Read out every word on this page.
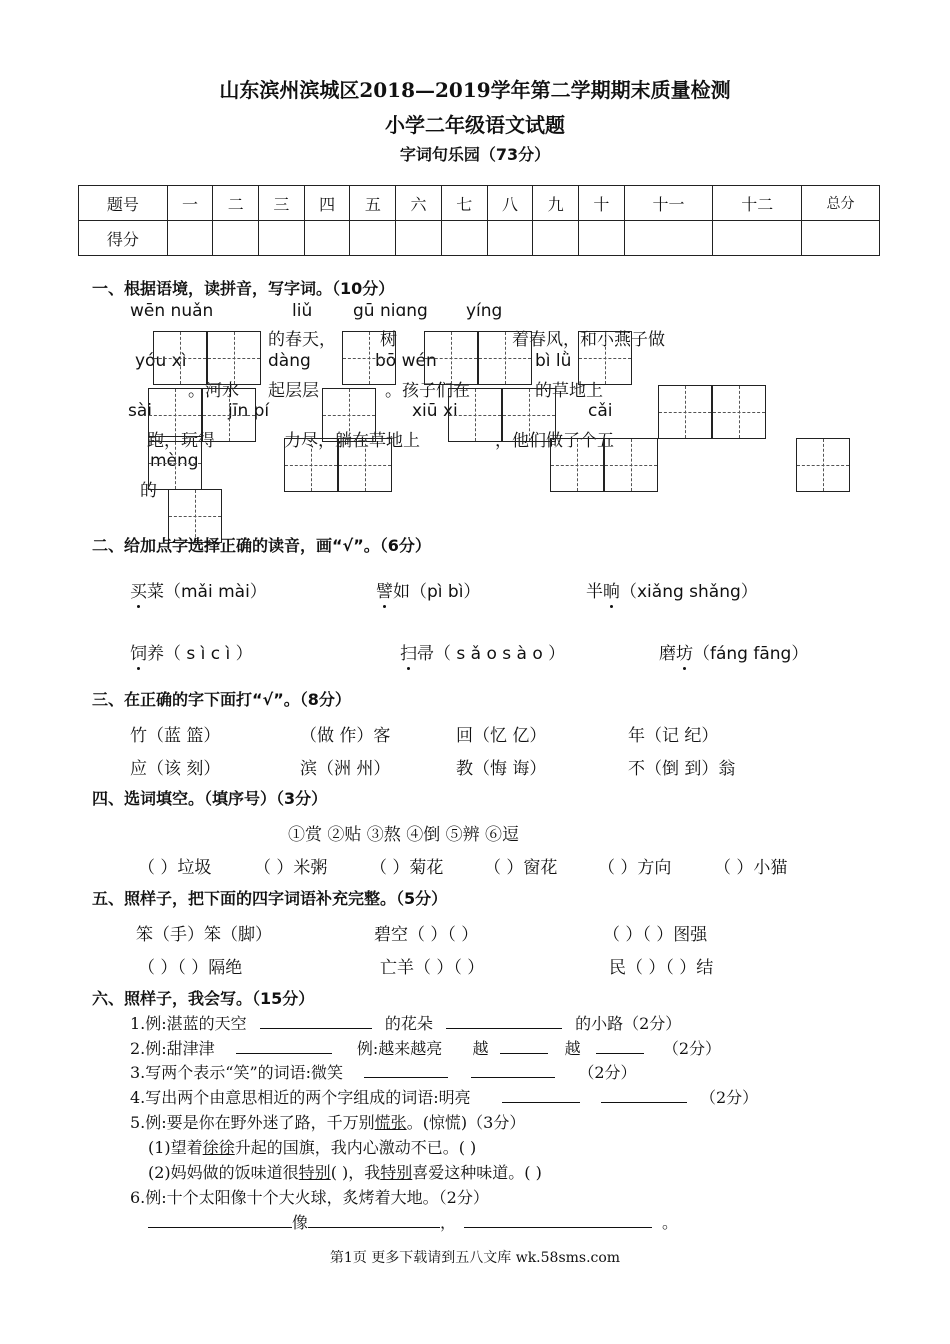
山东滨州滨城区2018—2019学年第二学期期末质量检测
小学二年级语文试题
字词句乐园（73分）
题号	一	二	三	四	五	六	七	八	九	十	十一	十二	总分
得分													
一、根据语境，读拼音，写字词。（10分）
wēn nuǎn	liǔ gū niɑng yíng
的春天，	树	着春风，和小燕子做
yóu xì	dàng	bō wén	bì lǜ
。河水 起层层	。孩子们在	的草地上
sài	jīn pí	xiū xi	cǎi
跑，玩得	力尽，躺在草地上	，他们做了个五
mèng
的
二、给加点字选择正确的读音，画“√”。（6分）
买菜（mǎi mài）	譬如（pì bì）	半晌（xiǎng shǎng）
饲养（ s ì c ì ）	扫帚（ s ǎ o s à o ）	磨坊（fáng fāng）
三、在正确的字下面打“√”。（8分）
竹（蓝 篮）	（做 作）客	回（忆 亿）	年（记 纪）
应（该 刻）	滨（洲 州）	教（悔 诲）	不（倒 到）翁
四、选词填空。（填序号）（3分）
①赏 ②贴 ③熬 ④倒 ⑤辨 ⑥逗
（ ）垃圾	（ ）米粥	（ ）菊花 （ ）窗花 （ ）方向	（ ）小猫
五、照样子，把下面的四字词语补充完整。（5分）
笨（手）笨（脚）	碧空（ ）（ ）	（ ）（ ）图强
（ ）（ ）隔绝	亡羊（ ）（ ）	民（ ）（ ）结
六、照样子，我会写。（15分）
1.例:湛蓝的天空	的花朵	的小路（2分）
2.例:甜津津	例:越来越亮 越	越	（2分）
3.写两个表示“笑”的词语:微笑	（2分）
4.写出两个由意思相近的两个字组成的词语:明亮	（2分）
5.例:要是你在野外迷了路，千万别慌张。(惊慌)（3分）
(1)望着徐徐升起的国旗，我内心激动不已。( )
(2)妈妈做的饭味道很特别( )，我特别喜爱这种味道。( )
6.例:十个太阳像十个大火球，炙烤着大地。（2分）
像	，	。
第1页 更多下载请到五八文库 wk.58sms.com
